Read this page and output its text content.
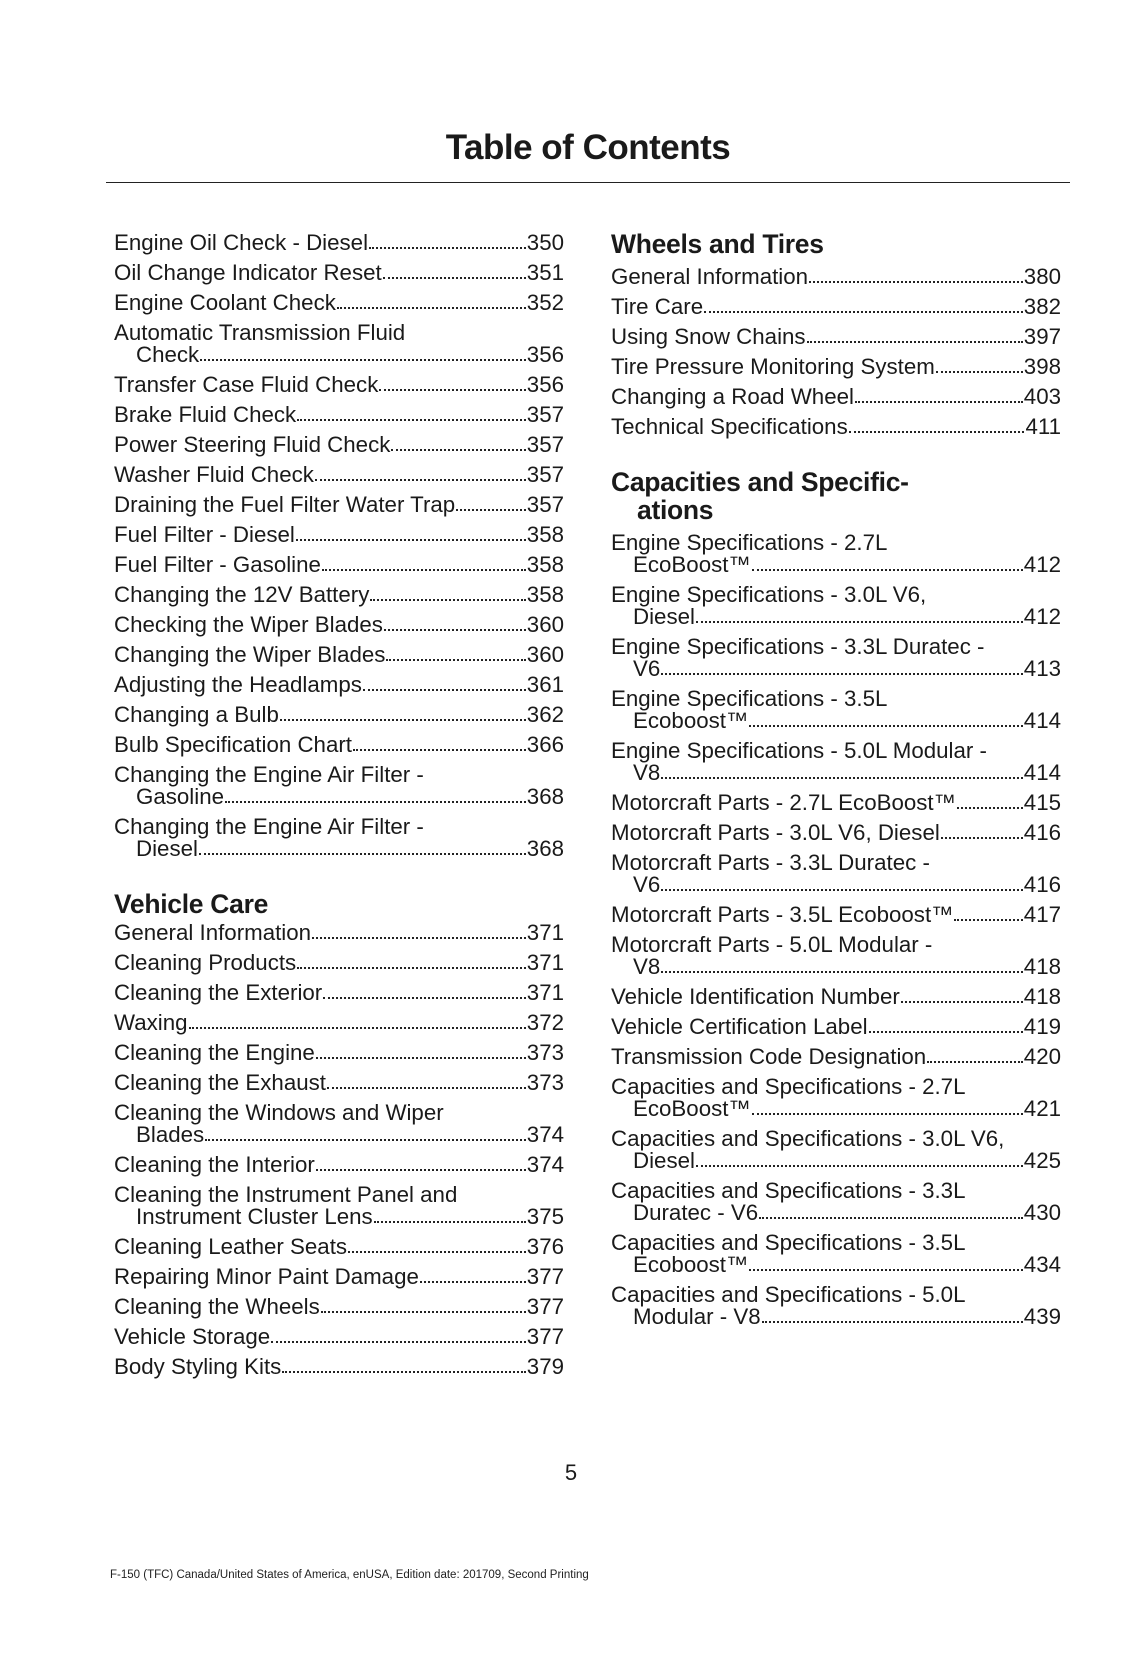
Table of Contents
Engine Oil Check - Diesel	350
Oil Change Indicator Reset	351
Engine Coolant Check	352
Automatic Transmission Fluid
Check	356
Transfer Case Fluid Check	356
Brake Fluid Check	357
Power Steering Fluid Check	357
Washer Fluid Check	357
Draining the Fuel Filter Water Trap	357
Fuel Filter - Diesel	358
Fuel Filter - Gasoline	358
Changing the 12V Battery	358
Checking the Wiper Blades	360
Changing the Wiper Blades	360
Adjusting the Headlamps	361
Changing a Bulb	362
Bulb Specification Chart	366
Changing the Engine Air Filter -
Gasoline	368
Changing the Engine Air Filter -
Diesel	368
Vehicle Care
General Information	371
Cleaning Products	371
Cleaning the Exterior	371
Waxing	372
Cleaning the Engine	373
Cleaning the Exhaust	373
Cleaning the Windows and Wiper
Blades	374
Cleaning the Interior	374
Cleaning the Instrument Panel and
Instrument Cluster Lens	375
Cleaning Leather Seats	376
Repairing Minor Paint Damage	377
Cleaning the Wheels	377
Vehicle Storage	377
Body Styling Kits	379
Wheels and Tires
General Information	380
Tire Care	382
Using Snow Chains	397
Tire Pressure Monitoring System	398
Changing a Road Wheel	403
Technical Specifications	411
Capacities and Specific-
ations
Engine Specifications - 2.7L
EcoBoost™	412
Engine Specifications - 3.0L V6,
Diesel	412
Engine Specifications - 3.3L Duratec -
V6	413
Engine Specifications - 3.5L
Ecoboost™	414
Engine Specifications - 5.0L Modular -
V8	414
Motorcraft Parts - 2.7L EcoBoost™	415
Motorcraft Parts - 3.0L V6, Diesel	416
Motorcraft Parts - 3.3L Duratec -
V6	416
Motorcraft Parts - 3.5L Ecoboost™	417
Motorcraft Parts - 5.0L Modular -
V8	418
Vehicle Identification Number	418
Vehicle Certification Label	419
Transmission Code Designation	420
Capacities and Specifications - 2.7L
EcoBoost™	421
Capacities and Specifications - 3.0L V6,
Diesel	425
Capacities and Specifications - 3.3L
Duratec - V6	430
Capacities and Specifications - 3.5L
Ecoboost™	434
Capacities and Specifications - 5.0L
Modular - V8	439

5

F-150 (TFC) Canada/United States of America, enUSA, Edition date: 201709, Second Printing
